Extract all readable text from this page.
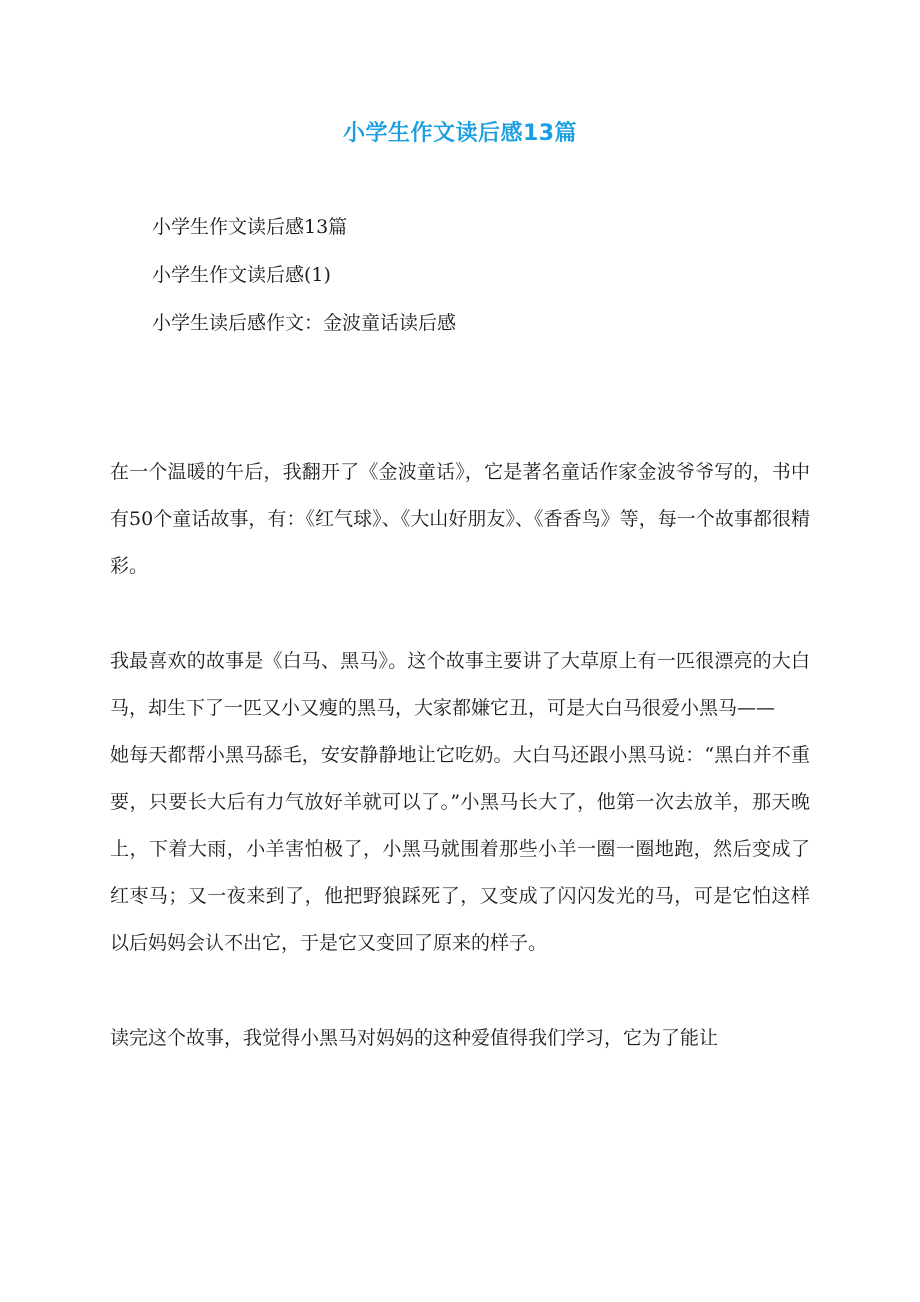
小学生作文读后感13篇
小学生作文读后感13篇
小学生作文读后感(1)
小学生读后感作文：金波童话读后感

在一个温暖的午后，我翻开了《金波童话》，它是著名童话作家金波爷爷写的，书中有50个童话故事，有：《红气球》、《大山好朋友》、《香香鸟》等，每一个故事都很精彩。

我最喜欢的故事是《白马、黑马》。这个故事主要讲了大草原上有一匹很漂亮的大白马，却生下了一匹又小又瘦的黑马，大家都嫌它丑，可是大白马很爱小黑马——

她每天都帮小黑马舔毛，安安静静地让它吃奶。大白马还跟小黑马说：“黑白并不重要，只要长大后有力气放好羊就可以了。”小黑马长大了，他第一次去放羊，那天晚上，下着大雨，小羊害怕极了，小黑马就围着那些小羊一圈一圈地跑，然后变成了红枣马；又一夜来到了，他把野狼踩死了，又变成了闪闪发光的马，可是它怕这样以后妈妈会认不出它，于是它又变回了原来的样子。

读完这个故事，我觉得小黑马对妈妈的这种爱值得我们学习，它为了能让
